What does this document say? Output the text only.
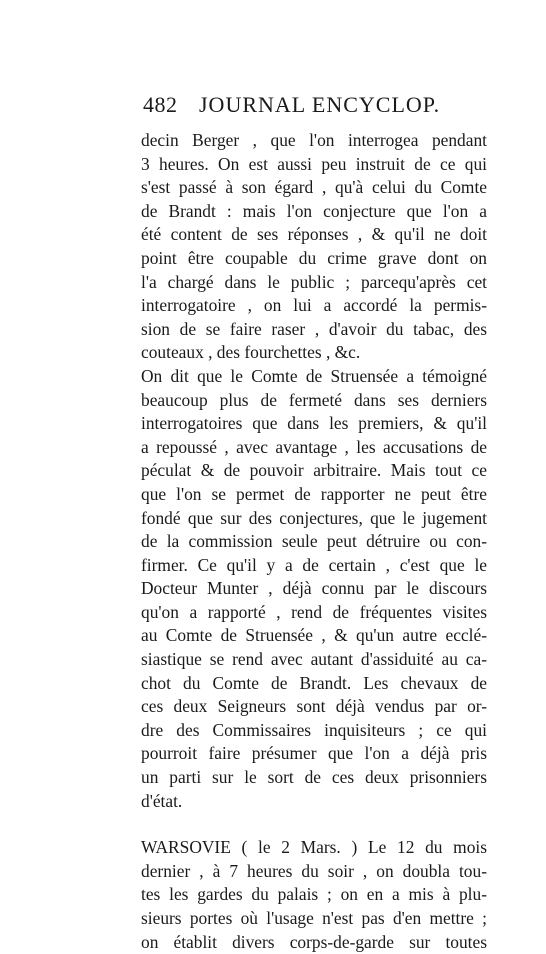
482 JOURNAL ENCYCLOP.
decin Berger , que l'on interrogea pendant
3 heures. On est aussi peu instruit de ce qui
s'est passé à son égard , qu'à celui du Comte
de Brandt : mais l'on conjecture que l'on a
été content de ses réponses , & qu'il ne doit
point être coupable du crime grave dont on
l'a chargé dans le public ; parcequ'après cet
interrogatoire , on lui a accordé la permis-
sion de se faire raser , d'avoir du tabac, des
couteaux , des fourchettes , &c.
On dit que le Comte de Struensée a témoigné
beaucoup plus de fermeté dans ses derniers
interrogatoires que dans les premiers, & qu'il
a repoussé , avec avantage , les accusations de
péculat & de pouvoir arbitraire. Mais tout ce
que l'on se permet de rapporter ne peut être
fondé que sur des conjectures, que le jugement
de la commission seule peut détruire ou con-
firmer. Ce qu'il y a de certain , c'est que le
Docteur Munter , déjà connu par le discours
qu'on a rapporté , rend de fréquentes visites
au Comte de Struensée , & qu'un autre ecclé-
siastique se rend avec autant d'assiduité au ca-
chot du Comte de Brandt. Les chevaux de
ces deux Seigneurs sont déjà vendus par or-
dre des Commissaires inquisiteurs ; ce qui
pourroit faire présumer que l'on a déjà pris
un parti sur le sort de ces deux prisonniers
d'état.
WARSOVIE ( le 2 Mars. ) Le 12 du mois
dernier , à 7 heures du soir , on doubla tou-
tes les gardes du palais ; on en a mis à plu-
sieurs portes où l'usage n'est pas d'en mettre ;
on établit divers corps-de-garde sur toutes
